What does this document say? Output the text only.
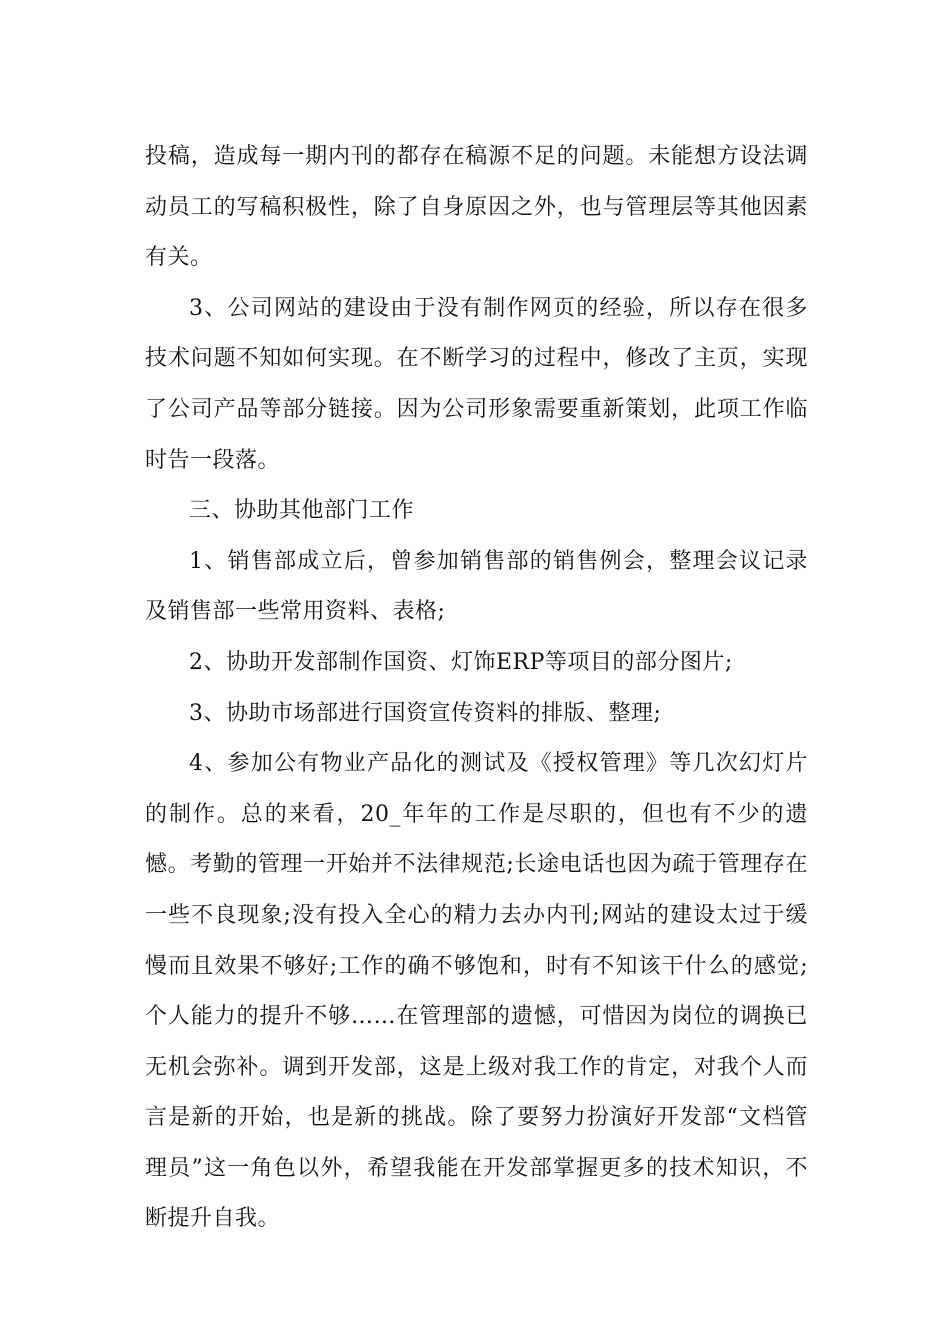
投稿，造成每一期内刊的都存在稿源不足的问题。未能想方设法调动员工的写稿积极性，除了自身原因之外，也与管理层等其他因素有关。

3、公司网站的建设由于没有制作网页的经验，所以存在很多技术问题不知如何实现。在不断学习的过程中，修改了主页，实现了公司产品等部分链接。因为公司形象需要重新策划，此项工作临时告一段落。

三、协助其他部门工作

1、销售部成立后，曾参加销售部的销售例会，整理会议记录及销售部一些常用资料、表格;

2、协助开发部制作国资、灯饰ERP等项目的部分图片;

3、协助市场部进行国资宣传资料的排版、整理;

4、参加公有物业产品化的测试及《授权管理》等几次幻灯片的制作。总的来看，20_年年的工作是尽职的，但也有不少的遗憾。考勤的管理一开始并不法律规范;长途电话也因为疏于管理存在一些不良现象;没有投入全心的精力去办内刊;网站的建设太过于缓慢而且效果不够好;工作的确不够饱和，时有不知该干什么的感觉;个人能力的提升不够……在管理部的遗憾，可惜因为岗位的调换已无机会弥补。调到开发部，这是上级对我工作的肯定，对我个人而言是新的开始，也是新的挑战。除了要努力扮演好开发部“文档管理员”这一角色以外，希望我能在开发部掌握更多的技术知识，不断提升自我。
